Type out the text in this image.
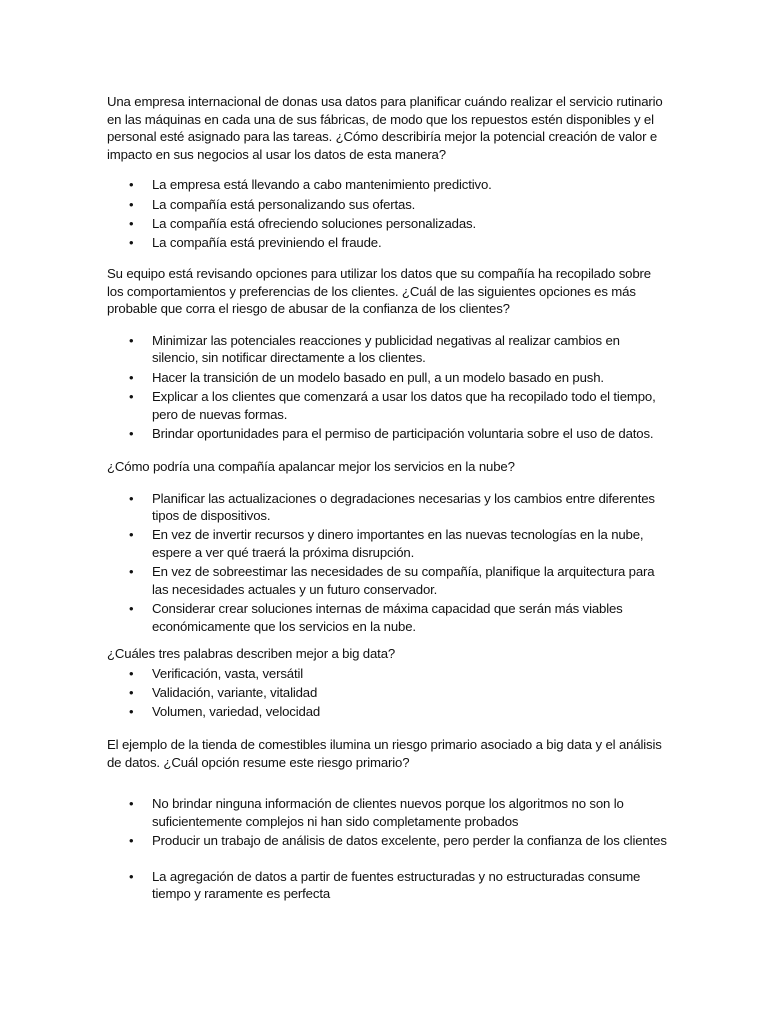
Una empresa internacional de donas usa datos para planificar cuándo realizar el servicio rutinario en las máquinas en cada una de sus fábricas, de modo que los repuestos estén disponibles y el personal esté asignado para las tareas. ¿Cómo describiría mejor la potencial creación de valor e impacto en sus negocios al usar los datos de esta manera?

• La empresa está llevando a cabo mantenimiento predictivo.
• La compañía está personalizando sus ofertas.
• La compañía está ofreciendo soluciones personalizadas.
• La compañía está previniendo el fraude.

Su equipo está revisando opciones para utilizar los datos que su compañía ha recopilado sobre los comportamientos y preferencias de los clientes. ¿Cuál de las siguientes opciones es más probable que corra el riesgo de abusar de la confianza de los clientes?

• Minimizar las potenciales reacciones y publicidad negativas al realizar cambios en silencio, sin notificar directamente a los clientes.
• Hacer la transición de un modelo basado en pull, a un modelo basado en push.
• Explicar a los clientes que comenzará a usar los datos que ha recopilado todo el tiempo, pero de nuevas formas.
• Brindar oportunidades para el permiso de participación voluntaria sobre el uso de datos.

¿Cómo podría una compañía apalancar mejor los servicios en la nube?

• Planificar las actualizaciones o degradaciones necesarias y los cambios entre diferentes tipos de dispositivos.
• En vez de invertir recursos y dinero importantes en las nuevas tecnologías en la nube, espere a ver qué traerá la próxima disrupción.
• En vez de sobreestimar las necesidades de su compañía, planifique la arquitectura para las necesidades actuales y un futuro conservador.
• Considerar crear soluciones internas de máxima capacidad que serán más viables económicamente que los servicios en la nube.

¿Cuáles tres palabras describen mejor a big data?

• Verificación, vasta, versátil
• Validación, variante, vitalidad
• Volumen, variedad, velocidad

El ejemplo de la tienda de comestibles ilumina un riesgo primario asociado a big data y el análisis de datos. ¿Cuál opción resume este riesgo primario?

• No brindar ninguna información de clientes nuevos porque los algoritmos no son lo suficientemente complejos ni han sido completamente probados
• Producir un trabajo de análisis de datos excelente, pero perder la confianza de los clientes
• La agregación de datos a partir de fuentes estructuradas y no estructuradas consume tiempo y raramente es perfecta
